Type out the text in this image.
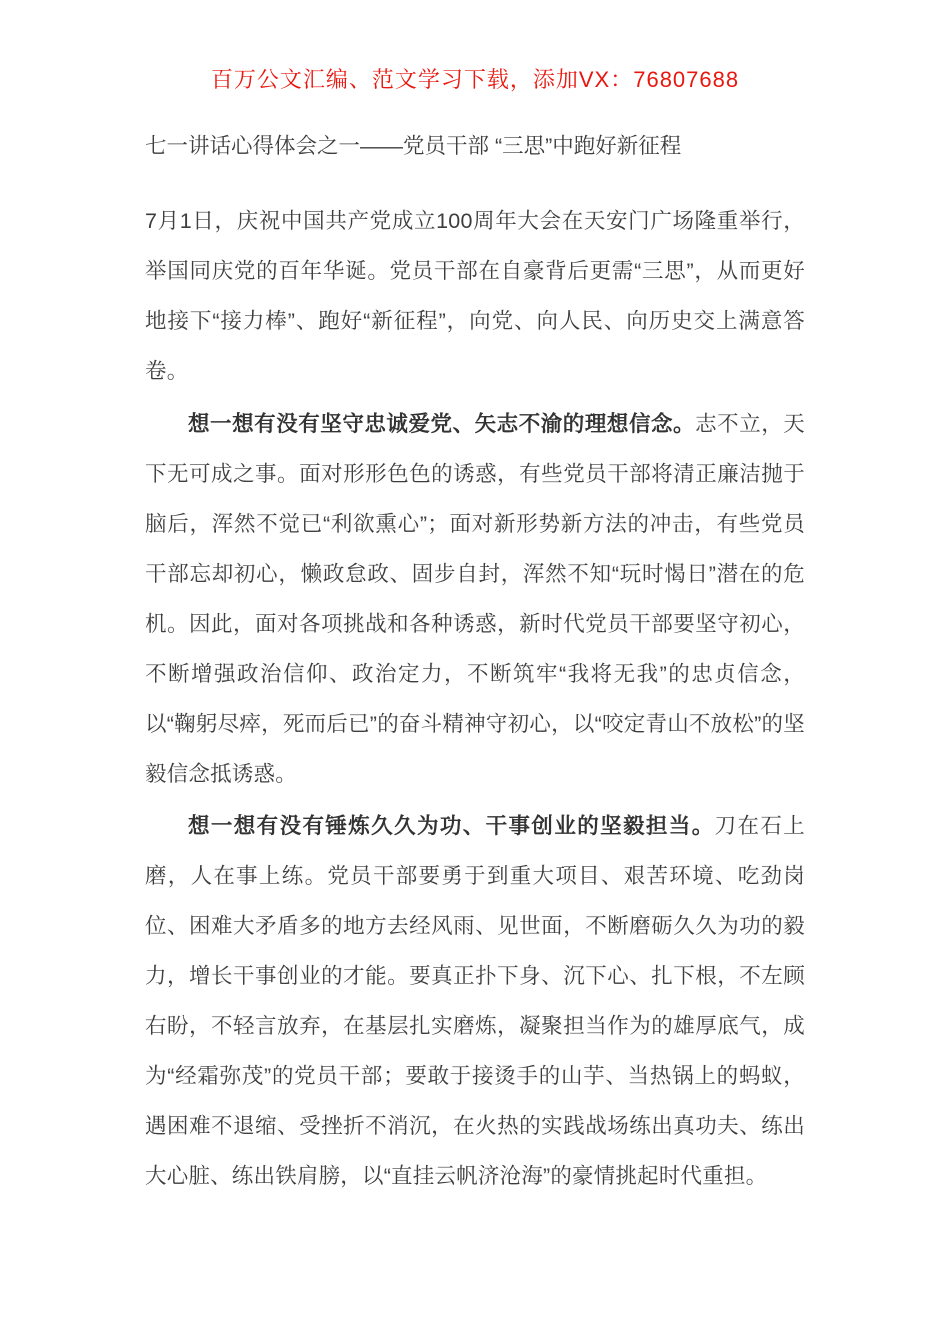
百万公文汇编、范文学习下载，添加VX：76807688
七一讲话心得体会之一——党员干部 “三思”中跑好新征程

7月1日，庆祝中国共产党成立100周年大会在天安门广场隆重举行，举国同庆党的百年华诞。党员干部在自豪背后更需“三思”，从而更好地接下“接力棒”、跑好“新征程”，向党、向人民、向历史交上满意答卷。

想一想有没有坚守忠诚爱党、矢志不渝的理想信念。志不立，天下无可成之事。面对形形色色的诱惑，有些党员干部将清正廉洁抛于脑后，浑然不觉已“利欲熏心”；面对新形势新方法的冲击，有些党员干部忘却初心，懒政怠政、固步自封，浑然不知“玩时愒日”潜在的危机。因此，面对各项挑战和各种诱惑，新时代党员干部要坚守初心，不断增强政治信仰、政治定力，不断筑牢“我将无我”的忠贞信念，以“鞠躬尽瘁，死而后已”的奋斗精神守初心，以“咬定青山不放松”的坚毅信念抵诱惑。

想一想有没有锤炼久久为功、干事创业的坚毅担当。刀在石上磨，人在事上练。党员干部要勇于到重大项目、艰苦环境、吃劲岗位、困难大矛盾多的地方去经风雨、见世面，不断磨砺久久为功的毅力，增长干事创业的才能。要真正扑下身、沉下心、扎下根，不左顾右盼，不轻言放弃，在基层扎实磨炼，凝聚担当作为的雄厚底气，成为“经霜弥茂”的党员干部；要敢于接烫手的山芋、当热锅上的蚂蚁，遇困难不退缩、受挫折不消沉，在火热的实践战场练出真功夫、练出大心脏、练出铁肩膀，以“直挂云帆济沧海”的豪情挑起时代重担。
